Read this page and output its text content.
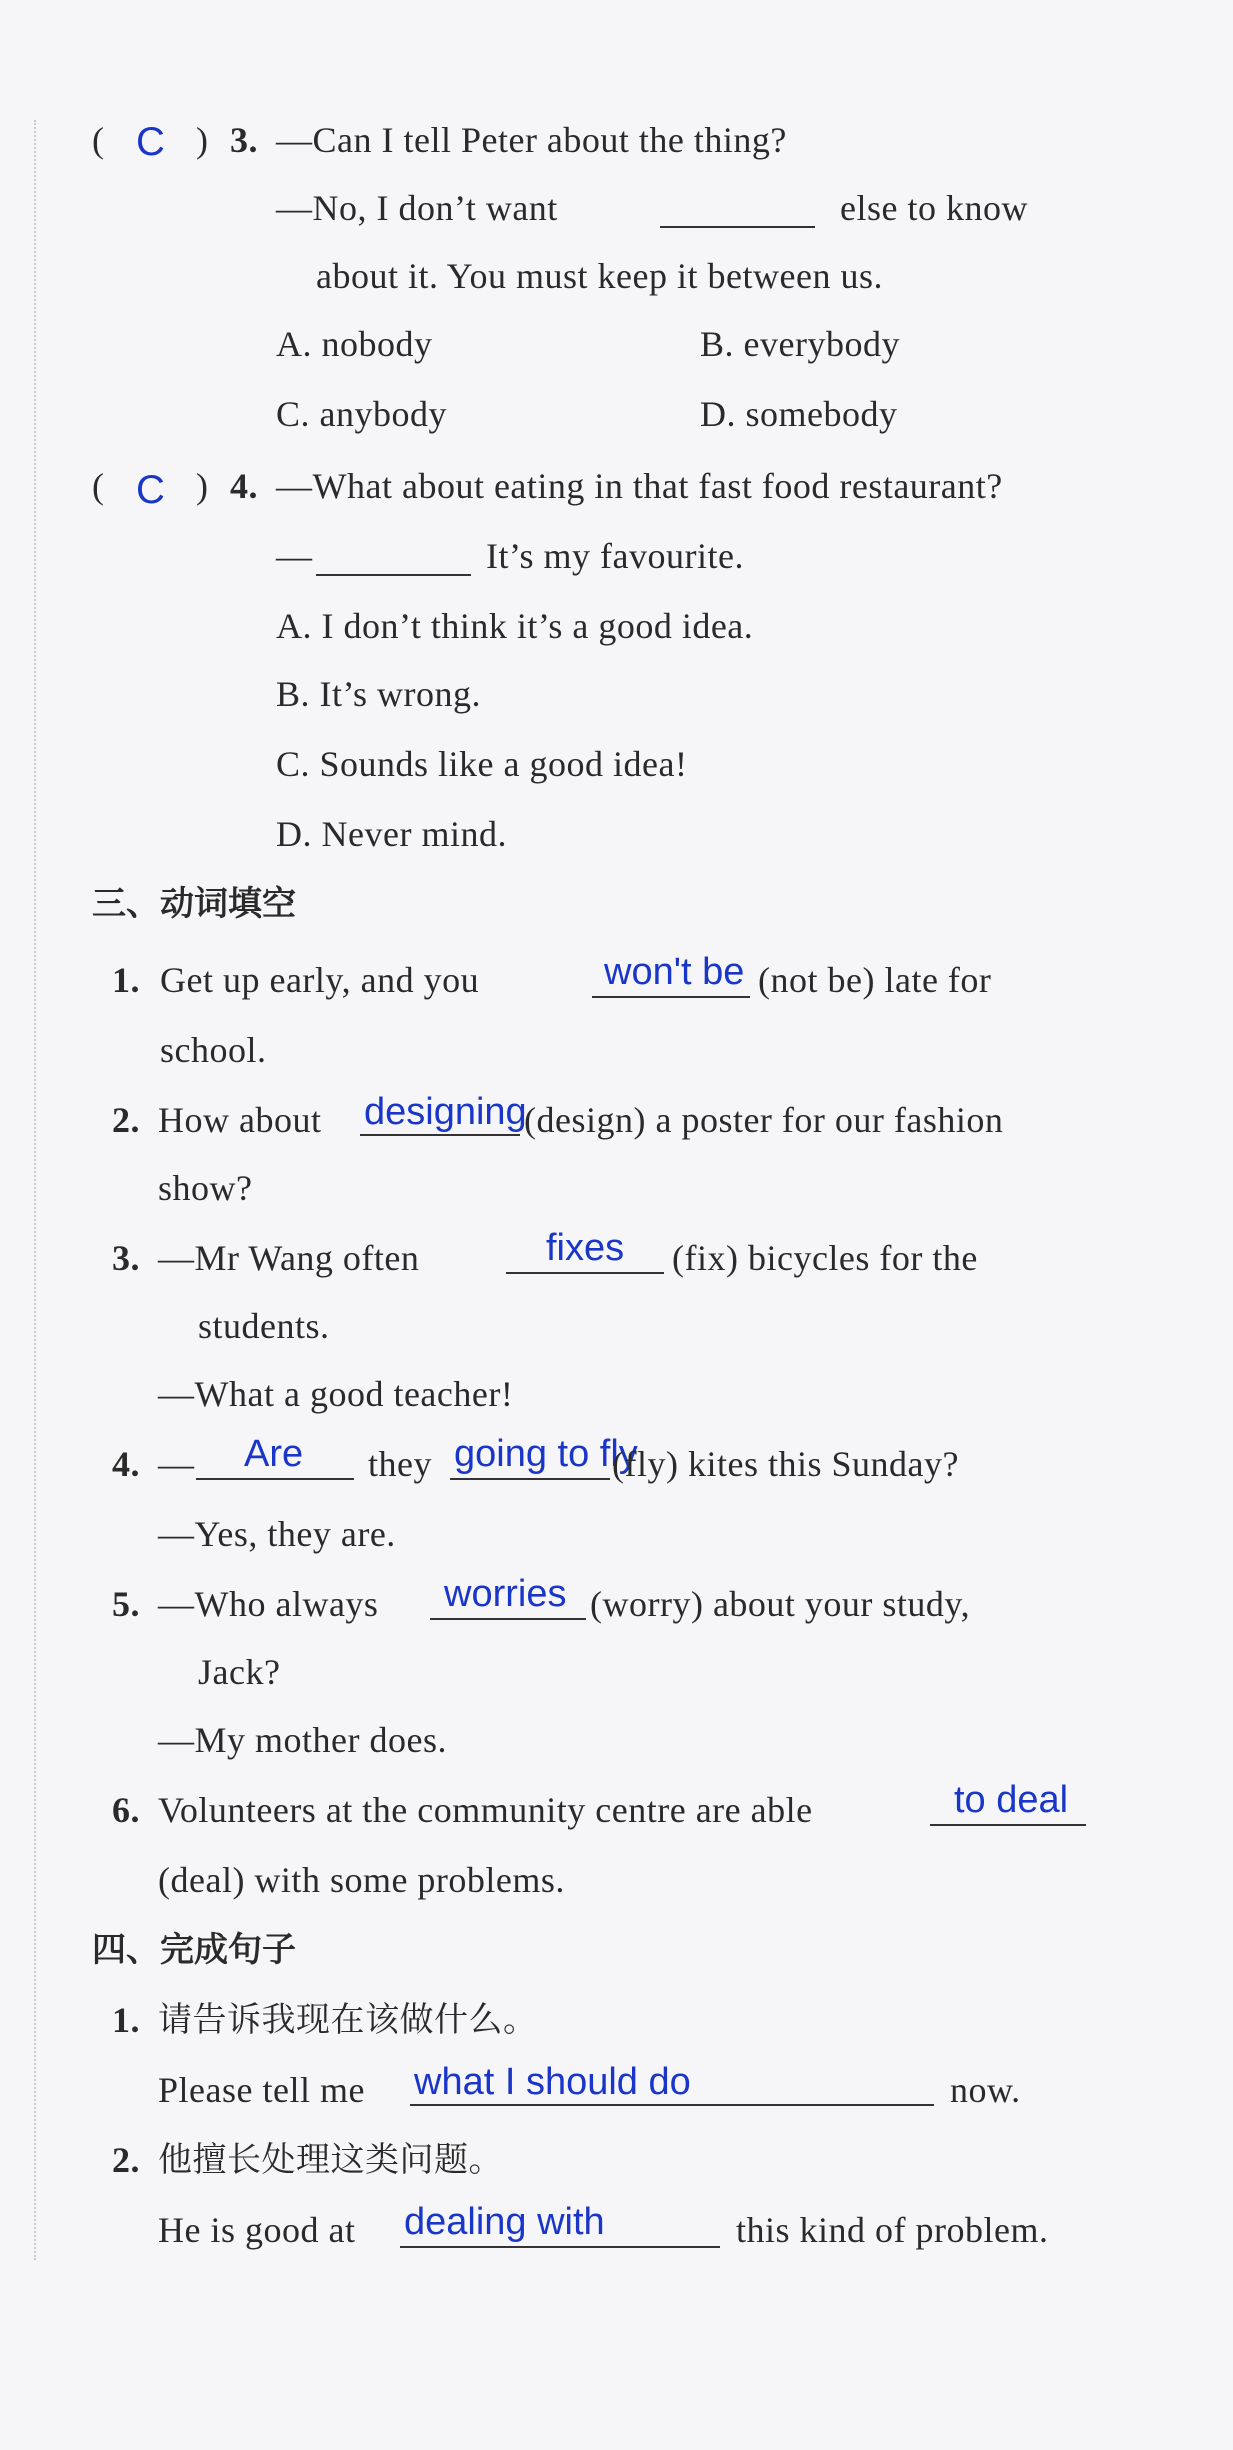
( C ) 3. —Can I tell Peter about the thing?
—No, I don’t want	else to know
about it. You must keep it between us.
A. nobody	B. everybody
C. anybody	D. somebody
( C ) 4. —What about eating in that fast food restaurant?
—	It’s my favourite.
A. I don’t think it’s a good idea.
B. It’s wrong.
C. Sounds like a good idea!
D. Never mind.
三、动词填空
1. Get up early, and you	won't be (not be) late for
school.
2. How about designing
(design) a poster for our fashion
show?
3. —Mr Wang often	fixes (fix) bicycles for the
students.
—What a good teacher!
4. — Are they going to fly
(fly) kites this Sunday?
—Yes, they are.
5. —Who always worries (worry) about your study,
Jack?
—My mother does.
6. Volunteers at the community centre are able	to deal
(deal) with some problems.
四、完成句子
1. 请告诉我现在该做什么。
Please tell me what I should do	now.
2. 他擅长处理这类问题。
He is good at dealing with	this kind of problem.
